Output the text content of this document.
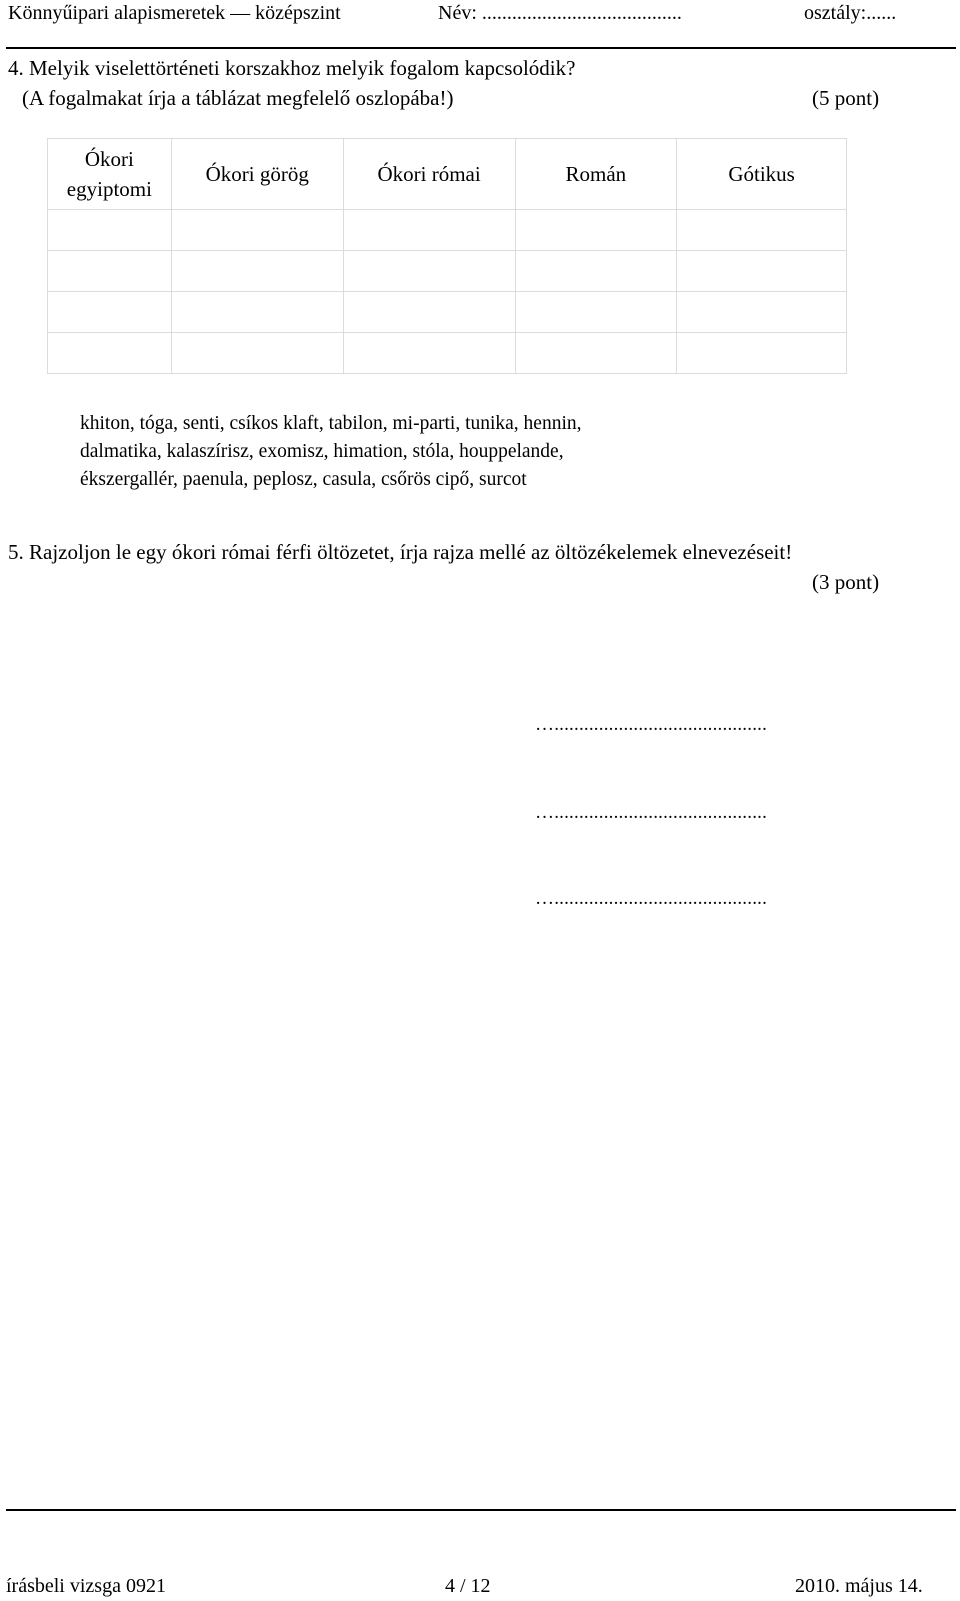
Könnyűipari alapismeretek — középszint	Név: ........................................	osztály:......
4. Melyik viselettörténeti korszakhoz melyik fogalom kapcsolódik?
(A fogalmakat írja a táblázat megfelelő oszlopába!)	(5 pont)
Ókori
egyiptomi	Ókori görög	Ókori római	Román	Gótikus

khiton, tóga, senti, csíkos klaft, tabilon, mi-parti, tunika, hennin,
dalmatika, kalaszírisz, exomisz, himation, stóla, houppelande,
ékszergallér, paenula, peplosz, casula, csőrös cipő, surcot
5. Rajzoljon le egy ókori római férfi öltözetet, írja rajza mellé az öltözékelemek elnevezéseit!
(3 pont)
…...........................................
…...........................................
…...........................................
írásbeli vizsga 0921	4 / 12	2010. május 14.
